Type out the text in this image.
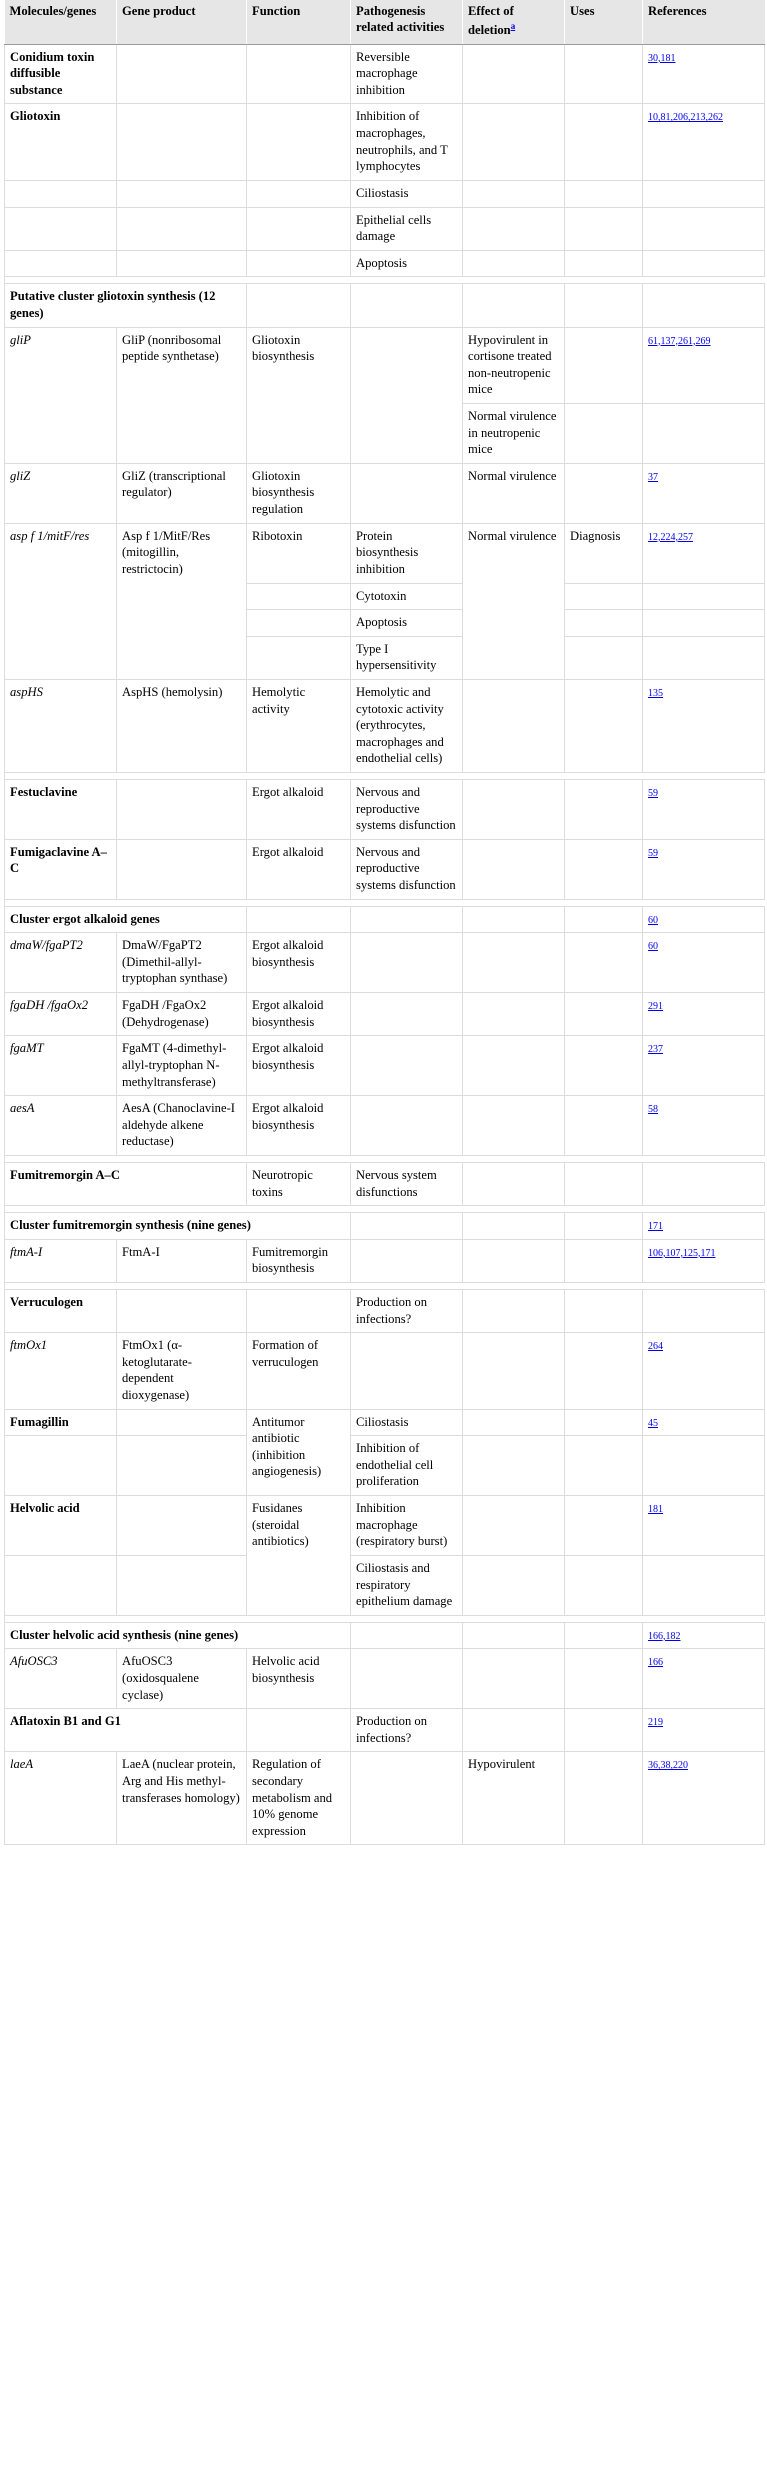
Molecules/genes	Gene product	Function	Pathogenesis related activities	Effect of deletion$^a$	Uses	References
Conidium toxin diffusible substance			Reversible macrophage inhibition			30,181
Gliotoxin			Inhibition of macrophages, neutrophils, and T lymphocytes			10,81,206,213,262
			Ciliostasis			
			Epithelial cells damage			
			Apoptosis			

Putative cluster gliotoxin synthesis (12 genes)						
gliP	GliP (nonribosomal peptide synthetase)	Gliotoxin biosynthesis		Hypovirulent in cortisone treated non-neutropenic mice		61,137,261,269
				Normal virulence in neutropenic mice		
gliZ	GliZ (transcriptional regulator)	Gliotoxin biosynthesis regulation		Normal virulence		37
asp f 1/mitF/res	Asp f 1/MitF/Res (mitogillin, restrictocin)	Ribotoxin	Protein biosynthesis inhibition	Normal virulence	Diagnosis	12,224,257
			Cytotoxin			
			Apoptosis			
			Type I hypersensitivity			
aspHS	AspHS (hemolysin)	Hemolytic activity	Hemolytic and cytotoxic activity (erythrocytes, macrophages and endothelial cells)			135

Festuclavine		Ergot alkaloid	Nervous and reproductive systems disfunction			59
Fumigaclavine A–C		Ergot alkaloid	Nervous and reproductive systems disfunction			59

Cluster ergot alkaloid genes						60
dmaW/fgaPT2	DmaW/FgaPT2 (Dimethil-allyl-tryptophan synthase)	Ergot alkaloid biosynthesis				60
fgaDH /fgaOx2	FgaDH /FgaOx2 (Dehydrogenase)	Ergot alkaloid biosynthesis				291
fgaMT	FgaMT (4-dimethyl-allyl-tryptophan N-methyltransferase)	Ergot alkaloid biosynthesis				237
aesA	AesA (Chanoclavine-I aldehyde alkene reductase)	Ergot alkaloid biosynthesis				58

Fumitremorgin A–C		Neurotropic toxins	Nervous system disfunctions			

Cluster fumitremorgin synthesis (nine genes)						171
ftmA-I	FtmA-I	Fumitremorgin biosynthesis				106,107,125,171

Verruculogen			Production on infections?			
ftmOx1	FtmOx1 (α-ketoglutarate-dependent dioxygenase)	Formation of verruculogen				264
Fumagillin		Antitumor antibiotic (inhibition angiogenesis)	Ciliostasis			45
			Inhibition of endothelial cell proliferation			
Helvolic acid		Fusidanes (steroidal antibiotics)	Inhibition macrophage (respiratory burst)			181
			Ciliostasis and respiratory epithelium damage			

Cluster helvolic acid synthesis (nine genes)						166,182
AfuOSC3	AfuOSC3 (oxidosqualene cyclase)	Helvolic acid biosynthesis				166
Aflatoxin B1 and G1			Production on infections?			219
laeA	LaeA (nuclear protein, Arg and His methyl-transferases homology)	Regulation of secondary metabolism and 10% genome expression		Hypovirulent		36,38,220
